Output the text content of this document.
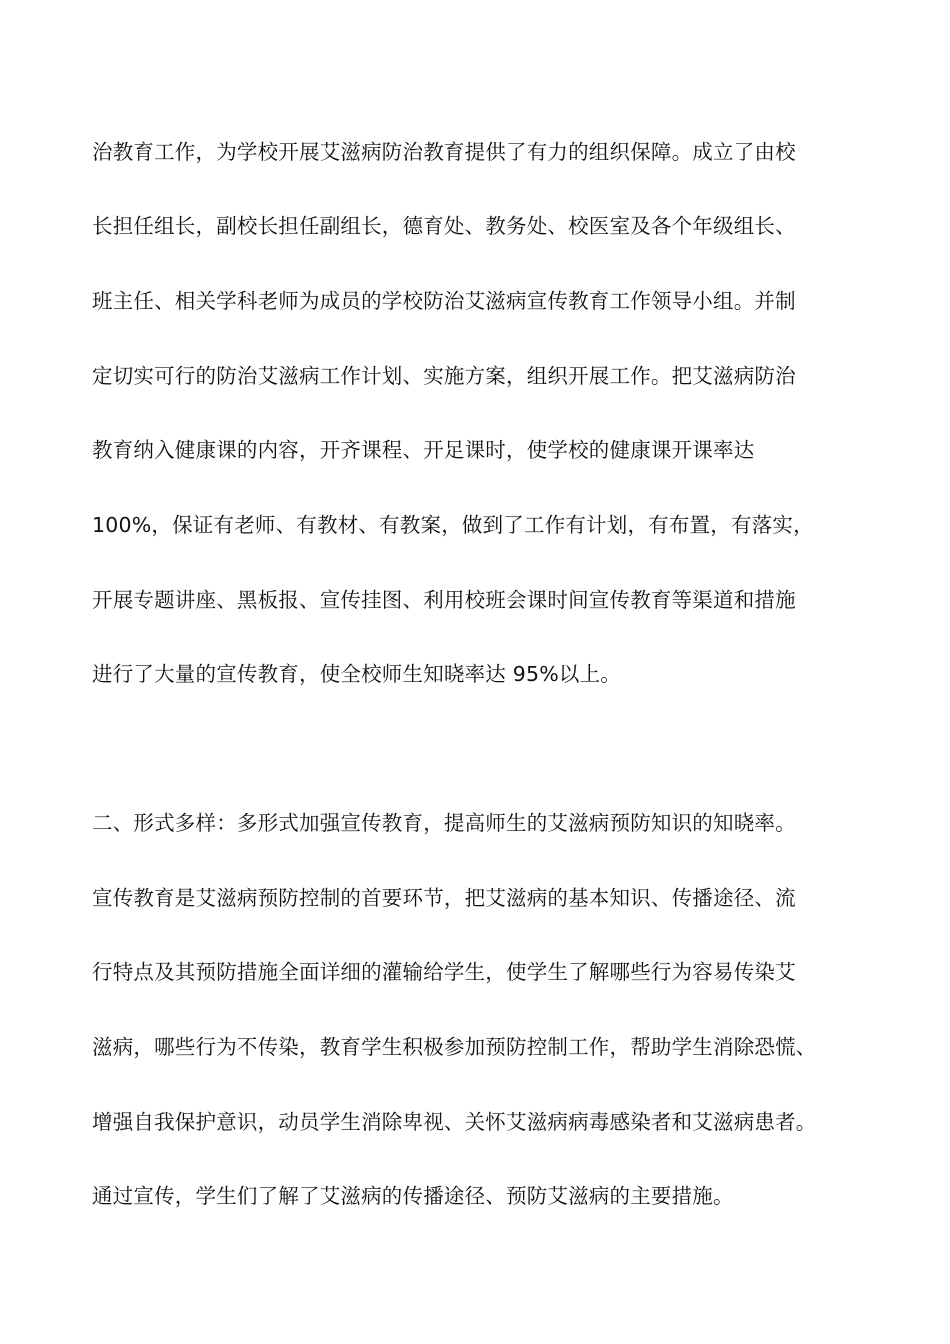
治教育工作，为学校开展艾滋病防治教育提供了有力的组织保障。成立了由校
长担任组长，副校长担任副组长，德育处、教务处、校医室及各个年级组长、
班主任、相关学科老师为成员的学校防治艾滋病宣传教育工作领导小组。并制
定切实可行的防治艾滋病工作计划、实施方案，组织开展工作。把艾滋病防治
教育纳入健康课的内容，开齐课程、开足课时，使学校的健康课开课率达
100%，保证有老师、有教材、有教案，做到了工作有计划，有布置，有落实，
开展专题讲座、黑板报、宣传挂图、利用校班会课时间宣传教育等渠道和措施
进行了大量的宣传教育，使全校师生知晓率达 95%以上。
二、形式多样：多形式加强宣传教育，提高师生的艾滋病预防知识的知晓率。
宣传教育是艾滋病预防控制的首要环节，把艾滋病的基本知识、传播途径、流
行特点及其预防措施全面详细的灌输给学生，使学生了解哪些行为容易传染艾
滋病，哪些行为不传染，教育学生积极参加预防控制工作，帮助学生消除恐慌、
增强自我保护意识，动员学生消除卑视、关怀艾滋病病毒感染者和艾滋病患者。
通过宣传，学生们了解了艾滋病的传播途径、预防艾滋病的主要措施。
